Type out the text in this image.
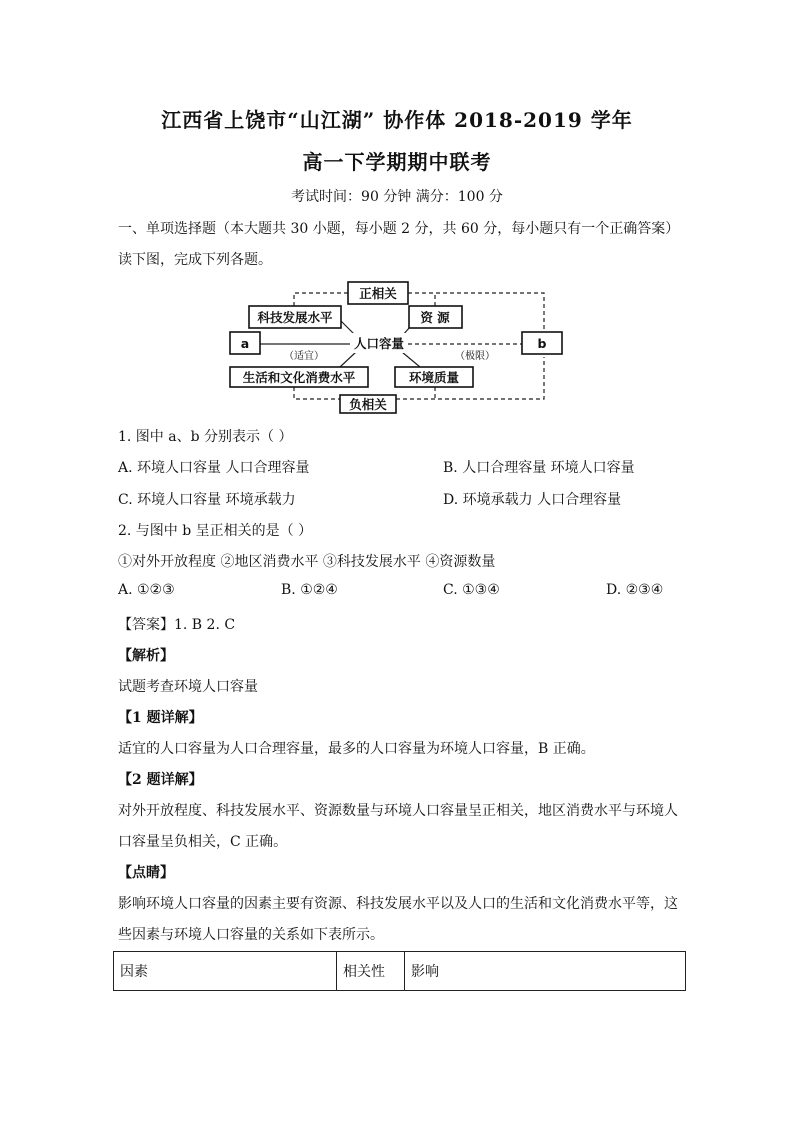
江西省上饶市“山江湖” 协作体 2018-2019 学年
高一下学期期中联考
考试时间：90 分钟 满分：100 分
一、单项选择题（本大题共 30 小题，每小题 2 分，共 60 分，每小题只有一个正确答案）
读下图，完成下列各题。
正相关
科技发展水平	资 源
a	b
人口容量
生活和文化消费水平	环境质量
负相关
（适宜）	（极限）
1. 图中 a、b 分别表示（ ）
A. 环境人口容量 人口合理容量	B. 人口合理容量 环境人口容量
C. 环境人口容量 环境承载力	D. 环境承载力 人口合理容量
2. 与图中 b 呈正相关的是（ ）
①对外开放程度 ②地区消费水平 ③科技发展水平 ④资源数量
A. ①②③	B. ①②④	C. ①③④	D. ②③④
【答案】1. B 2. C
【解析】
试题考查环境人口容量
【1 题详解】
适宜的人口容量为人口合理容量，最多的人口容量为环境人口容量，B 正确。
【2 题详解】
对外开放程度、科技发展水平、资源数量与环境人口容量呈正相关，地区消费水平与环境人
口容量呈负相关，C 正确。
【点睛】
影响环境人口容量的因素主要有资源、科技发展水平以及人口的生活和文化消费水平等，这
些因素与环境人口容量的关系如下表所示。
因素	相关性	影响
